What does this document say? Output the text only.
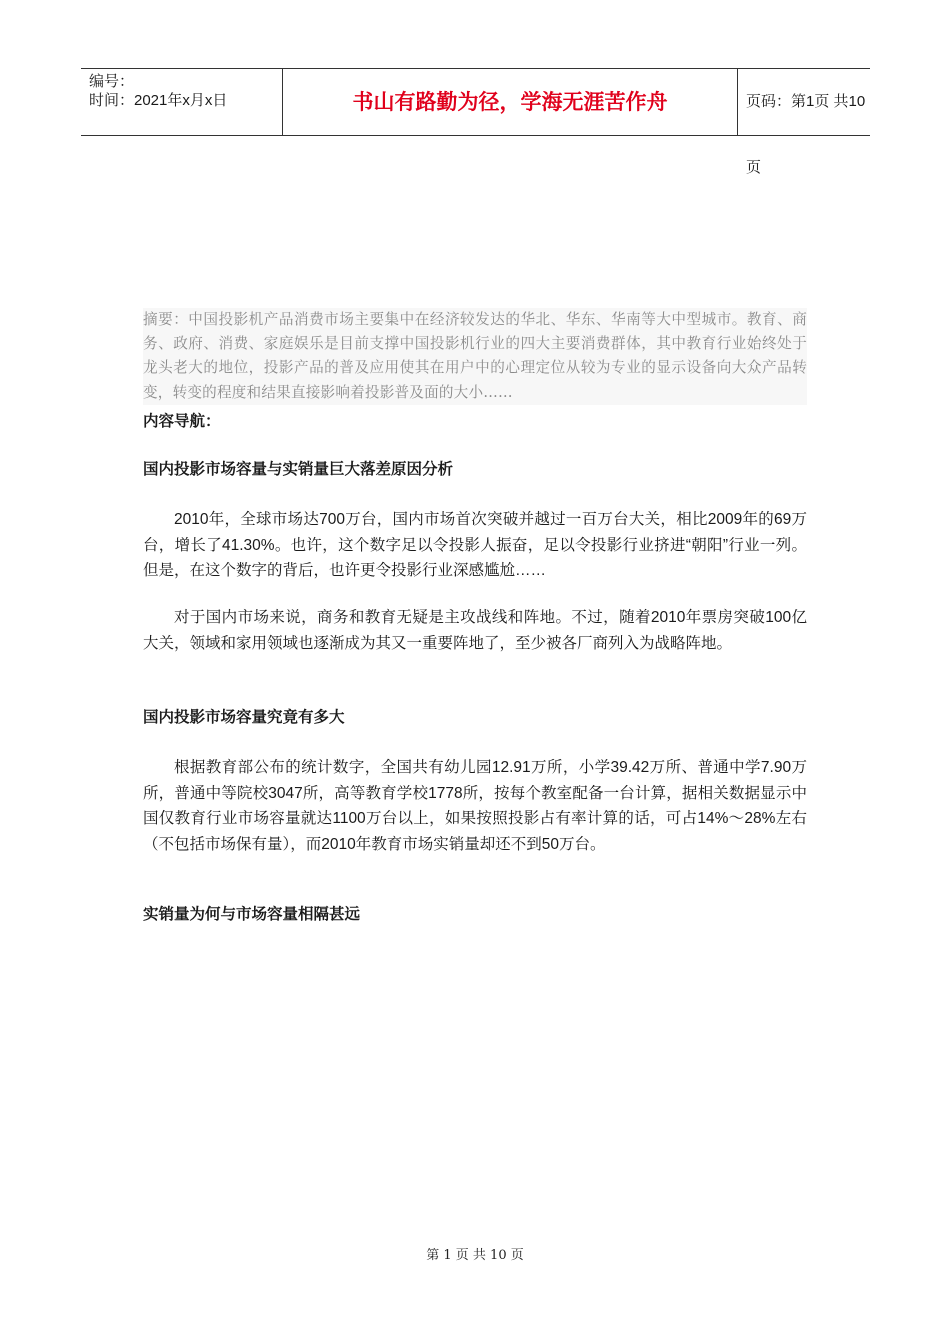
编号：
时间：2021年x月x日	书山有路勤为径，学海无涯苦作舟	页码：第1页 共10页
摘要：中国投影机产品消费市场主要集中在经济较发达的华北、华东、华南等大中型城市。教育、商务、政府、消费、家庭娱乐是目前支撑中国投影机行业的四大主要消费群体，其中教育行业始终处于龙头老大的地位，投影产品的普及应用使其在用户中的心理定位从较为专业的显示设备向大众产品转变，转变的程度和结果直接影响着投影普及面的大小……
内容导航：
国内投影市场容量与实销量巨大落差原因分析
2010年，全球市场达700万台，国内市场首次突破并越过一百万台大关，相比2009年的69万台，增长了41.30%。也许，这个数字足以令投影人振奋，足以令投影行业挤进“朝阳”行业一列。但是，在这个数字的背后，也许更令投影行业深感尴尬……
对于国内市场来说，商务和教育无疑是主攻战线和阵地。不过，随着2010年票房突破100亿大关，领域和家用领域也逐渐成为其又一重要阵地了，至少被各厂商列入为战略阵地。
国内投影市场容量究竟有多大
根据教育部公布的统计数字，全国共有幼儿园12.91万所，小学39.42万所、普通中学7.90万所，普通中等院校3047所，高等教育学校1778所，按每个教室配备一台计算，据相关数据显示中国仅教育行业市场容量就达1100万台以上，如果按照投影占有率计算的话，可占14%～28%左右（不包括市场保有量），而2010年教育市场实销量却还不到50万台。
实销量为何与市场容量相隔甚远
第 1 页 共 10 页
